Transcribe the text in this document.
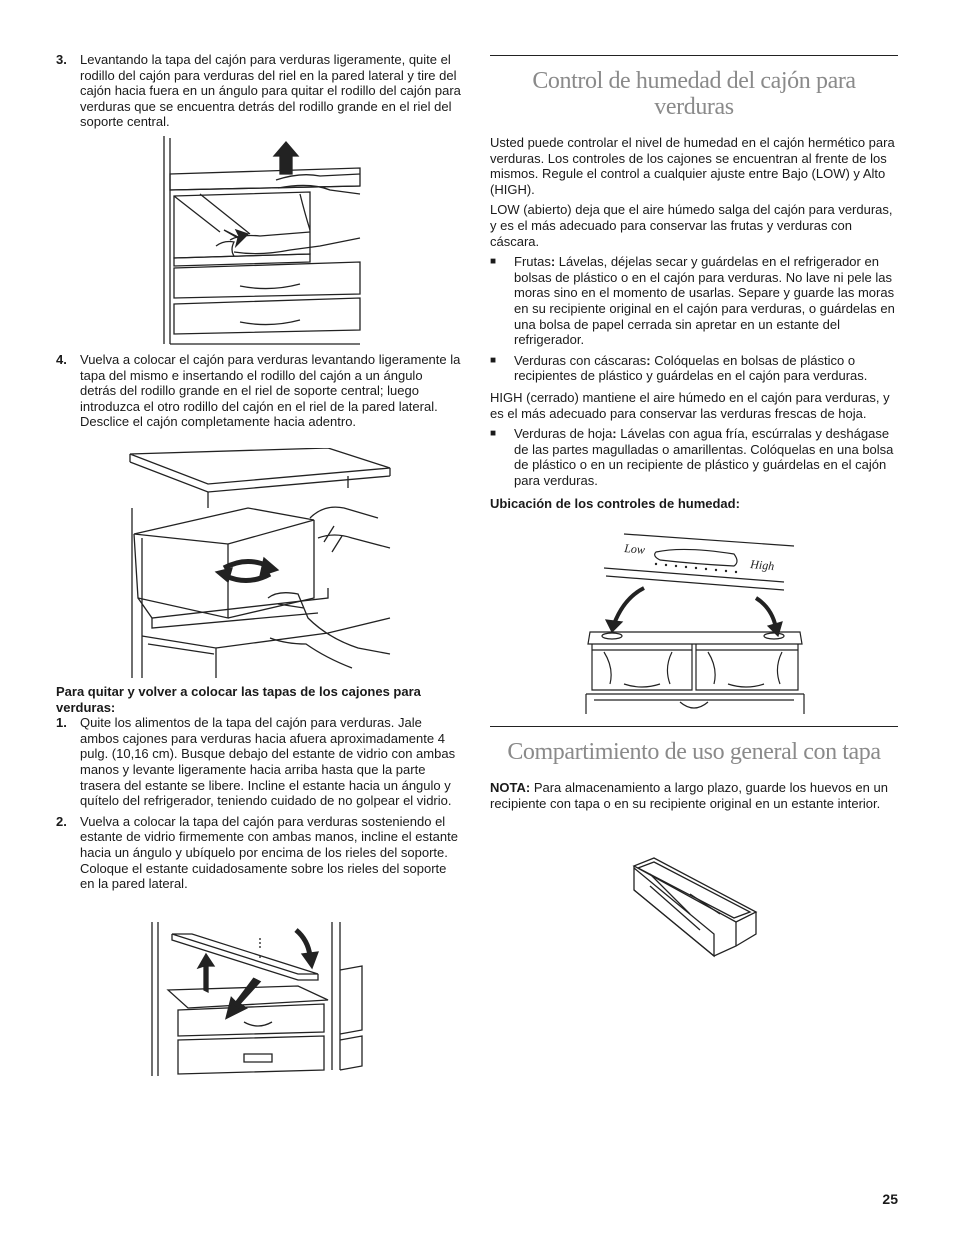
3.	Levantando la tapa del cajón para verduras ligeramente, quite el rodillo del cajón para verduras del riel en la pared lateral y tire del cajón hacia fuera en un ángulo para quitar el rodillo del cajón para verduras que se encuentra detrás del rodillo grande en el riel del soporte central.
4.	Vuelva a colocar el cajón para verduras levantando ligeramente la tapa del mismo e insertando el rodillo del cajón a un ángulo detrás del rodillo grande en el riel de soporte central; luego introduzca el otro rodillo del cajón en el riel de la pared lateral. Desclice el cajón completamente hacia adentro.

Para quitar y volver a colocar las tapas de los cajones para verduras:

1.	Quite los alimentos de la tapa del cajón para verduras. Jale ambos cajones para verduras hacia afuera aproximadamente 4 pulg. (10,16 cm). Busque debajo del estante de vidrio con ambas manos y levante ligeramente hacia arriba hasta que la parte trasera del estante se libere. Incline el estante hacia un ángulo y quítelo del refrigerador, teniendo cuidado de no golpear el vidrio.
2.	Vuelva a colocar la tapa del cajón para verduras sosteniendo el estante de vidrio firmemente con ambas manos, incline el estante hacia un ángulo y ubíquelo por encima de los rieles del soporte. Coloque el estante cuidadosamente sobre los rieles del soporte en la pared lateral.
Control de humedad del cajón para verduras

Usted puede controlar el nivel de humedad en el cajón hermético para verduras. Los controles de los cajones se encuentran al frente de los mismos. Regule el control a cualquier ajuste entre Bajo (LOW) y Alto (HIGH).

LOW (abierto) deja que el aire húmedo salga del cajón para verduras, y es el más adecuado para conservar las frutas y verduras con cáscara.

■	Frutas: Lávelas, déjelas secar y guárdelas en el refrigerador en bolsas de plástico o en el cajón para verduras. No lave ni pele las moras sino en el momento de usarlas. Separe y guarde las moras en su recipiente original en el cajón para verduras, o guárdelas en una bolsa de papel cerrada sin apretar en un estante del refrigerador.
■	Verduras con cáscaras: Colóquelas en bolsas de plástico o recipientes de plástico y guárdelas en el cajón para verduras.

HIGH (cerrado) mantiene el aire húmedo en el cajón para verduras, y es el más adecuado para conservar las verduras frescas de hoja.

■	Verduras de hoja: Lávelas con agua fría, escúrralas y deshágase de las partes magulladas o amarillentas. Colóquelas en una bolsa de plástico o en un recipiente de plástico y guárdelas en el cajón para verduras.

Ubicación de los controles de humedad:

Low
High
Compartimiento de uso general con tapa

NOTA: Para almacenamiento a largo plazo, guarde los huevos en un recipiente con tapa o en su recipiente original en un estante interior.

25
